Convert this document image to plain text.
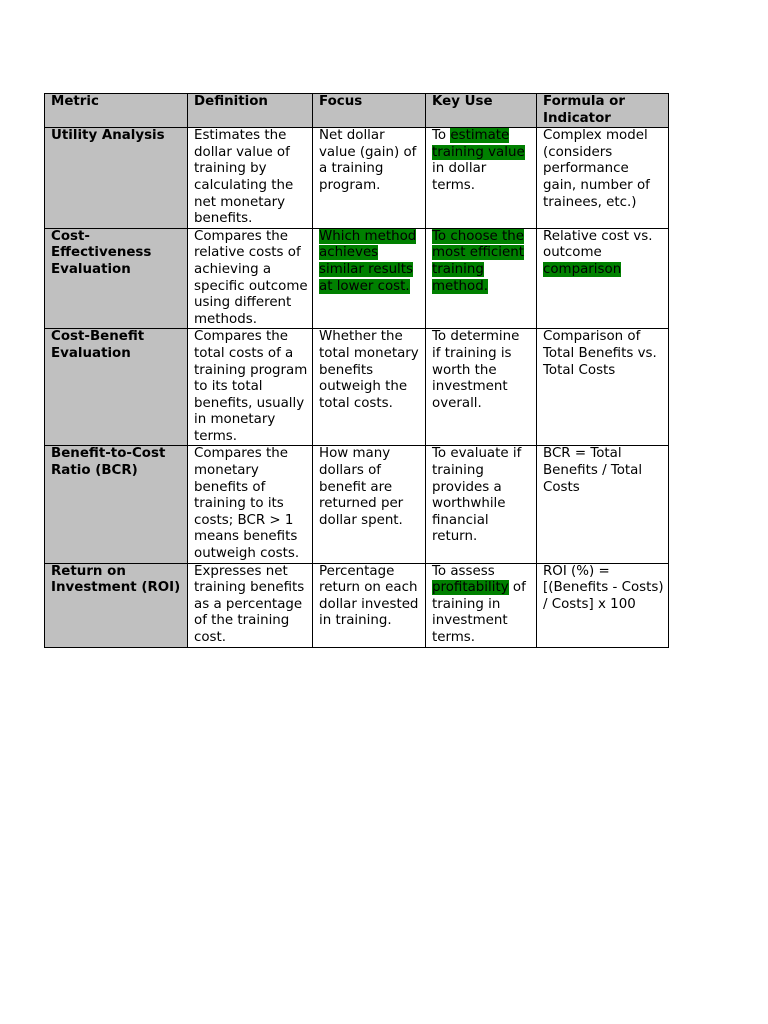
Metric	Definition	Focus	Key Use	Formula or Indicator
Utility Analysis	Estimates the dollar value of training by calculating the net monetary benefits.	Net dollar value (gain) of a training program.	To estimate training value in dollar terms.	Complex model (considers performance gain, number of trainees, etc.)
Cost-Effectiveness Evaluation	Compares the relative costs of achieving a specific outcome using different methods.	Which method achieves similar results at lower cost.	To choose the most efficient training method.	Relative cost vs. outcome comparison
Cost-Benefit Evaluation	Compares the total costs of a training program to its total benefits, usually in monetary terms.	Whether the total monetary benefits outweigh the total costs.	To determine if training is worth the investment overall.	Comparison of Total Benefits vs. Total Costs
Benefit-to-Cost Ratio (BCR)	Compares the monetary benefits of training to its costs; BCR > 1 means benefits outweigh costs.	How many dollars of benefit are returned per dollar spent.	To evaluate if training provides a worthwhile financial return.	BCR = Total Benefits / Total Costs
Return on Investment (ROI)	Expresses net training benefits as a percentage of the training cost.	Percentage return on each dollar invested in training.	To assess profitability of training in investment terms.	ROI (%) = [(Benefits - Costs) / Costs] x 100
